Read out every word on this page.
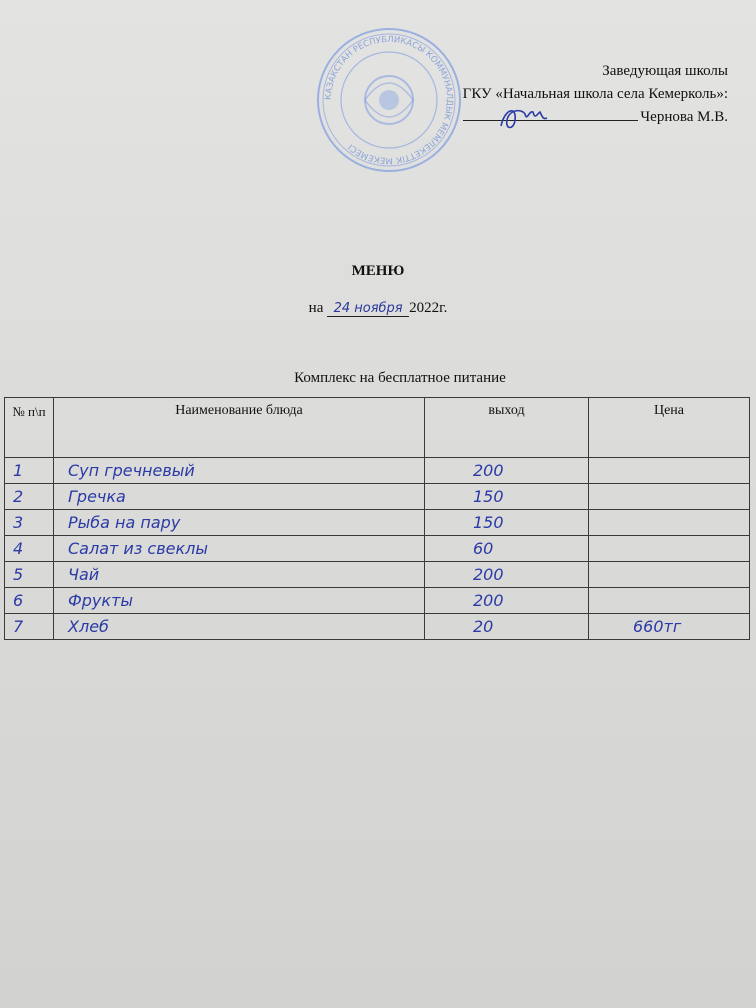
КАЗАКСТАН РЕСПУБЛИКАСЫ КОММУНАЛДЫК МЕМЛЕКЕТТІК МЕКЕМЕСІ
Заведующая школы
ГКУ «Начальная школа села Кемерколь»:
Чернова М.В.
МЕНЮ
на 24 ноября 2022г.
Комплекс на бесплатное питание
№ п\п	Наименование блюда	выход	Цена
1	Суп гречневый	200	
2	Гречка	150	
3	Рыба на пару	150	
4	Салат из свеклы	60	
5	Чай	200	
6	Фрукты	200	
7	Хлеб	20	660тг
